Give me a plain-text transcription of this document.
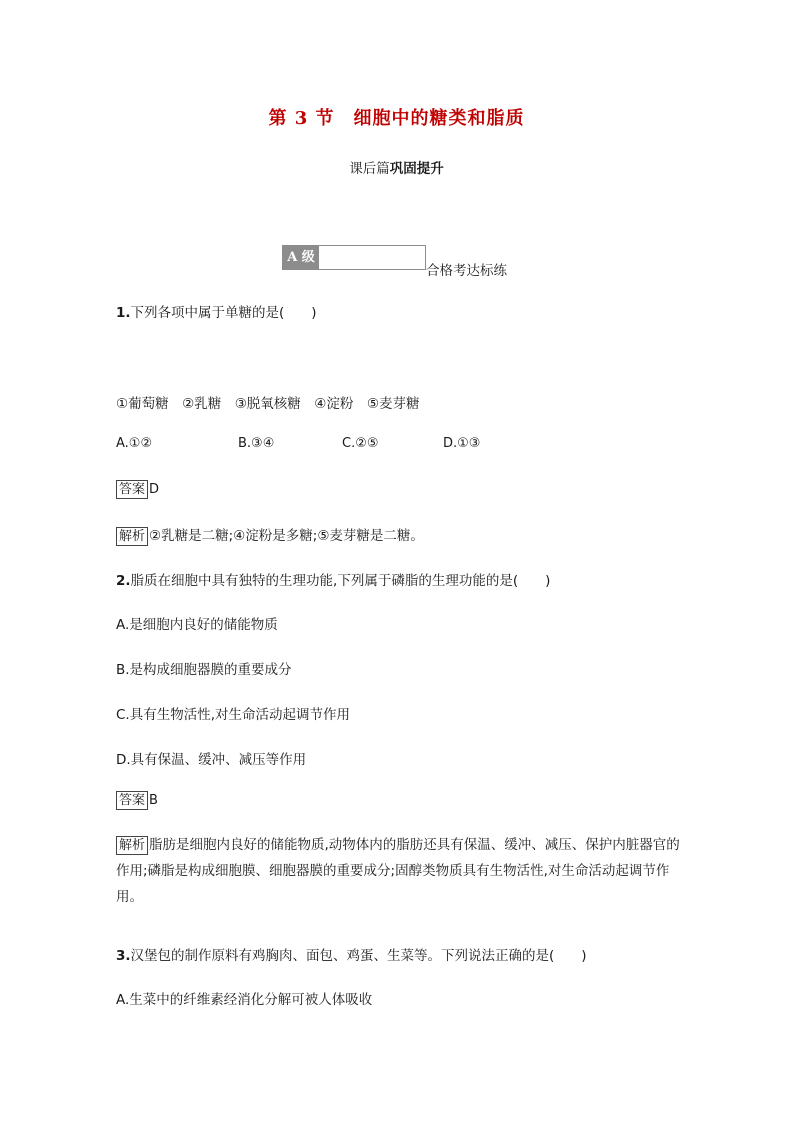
第 3 节　细胞中的糖类和脂质
课后篇巩固提升
A 级
合格考达标练
1.下列各项中属于单糖的是(　　)
①葡萄糖　②乳糖　③脱氧核糖　④淀粉　⑤麦芽糖
A.①②	B.③④	C.②⑤	D.①③
答案 D
解析 ②乳糖是二糖;④淀粉是多糖;⑤麦芽糖是二糖。
2.脂质在细胞中具有独特的生理功能,下列属于磷脂的生理功能的是(　　)
A.是细胞内良好的储能物质
B.是构成细胞器膜的重要成分
C.具有生物活性,对生命活动起调节作用
D.具有保温、缓冲、减压等作用
答案 B
解析 脂肪是细胞内良好的储能物质,动物体内的脂肪还具有保温、缓冲、减压、保护内脏器官的作用;磷脂是构成细胞膜、细胞器膜的重要成分;固醇类物质具有生物活性,对生命活动起调节作用。
3.汉堡包的制作原料有鸡胸肉、面包、鸡蛋、生菜等。下列说法正确的是(　　)
A.生菜中的纤维素经消化分解可被人体吸收
